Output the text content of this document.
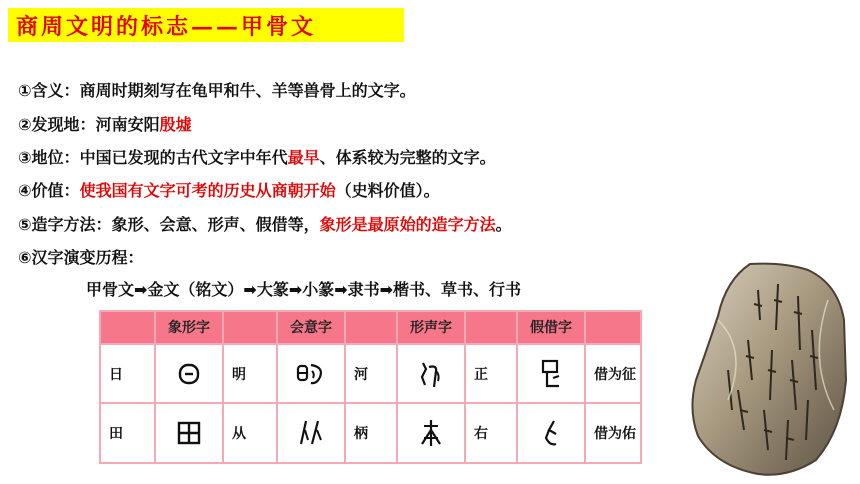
商周文明的标志——甲骨文
①含义：商周时期刻写在龟甲和牛、羊等兽骨上的文字。
②发现地：河南安阳殷墟
③地位：中国已发现的古代文字中年代最早、体系较为完整的文字。
④价值：使我国有文字可考的历史从商朝开始（史料价值）。
⑤造字方法：象形、会意、形声、假借等，象形是最原始的造字方法。
⑥汉字演变历程：
甲骨文➡金文（铭文）➡大篆➡小篆➡隶书➡楷书、草书、行书
	象形字		会意字		形声字		假借字	
日		明		河		正		借为征
田		从		柄		右		借为佑
